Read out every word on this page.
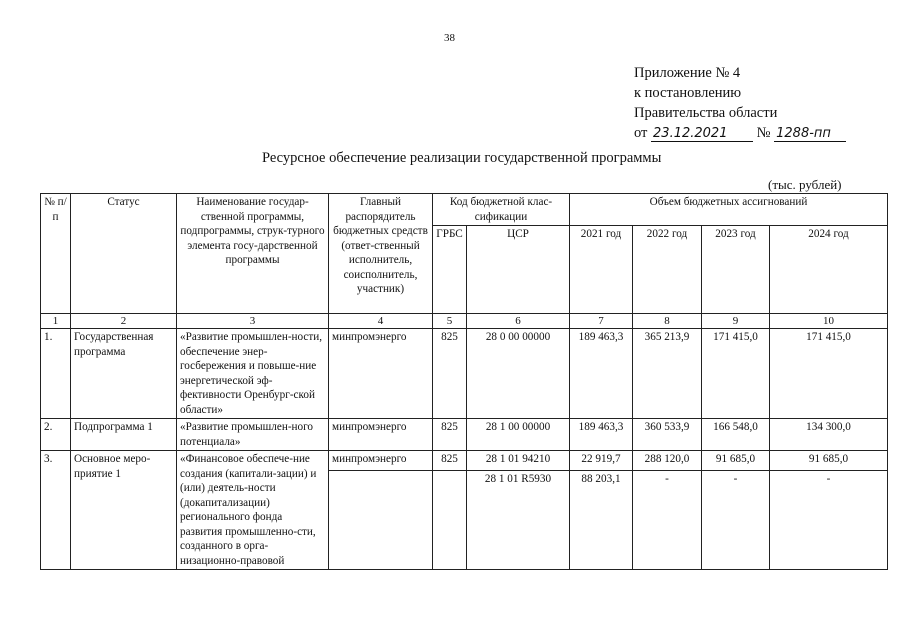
38
Приложение № 4
к постановлению
Правительства области
от 23.12.2021 № 1288-пп
Ресурсное обеспечение реализации государственной программы
(тыс. рублей)
№ п/п	Статус	Наименование государ-ственной программы, подпрограммы, струк-турного элемента госу-дарственной программы	Главный распорядитель бюджетных средств (ответ-ственный исполнитель, соисполнитель, участник)	Код бюджетной клас-сификации		Объем бюджетных ассигнований			
				ГРБС	ЦСР	2021 год	2022 год	2023 год	2024 год
1	2	3	4	5	6	7	8	9	10
1.	Государственная программа	«Развитие промышлен-ности, обеспечение энер-госбережения и повыше-ние энергетической эф-фективности Оренбург-ской области»	минпромэнерго	825	28 0 00 00000	189 463,3	365 213,9	171 415,0	171 415,0
2.	Подпрограмма 1	«Развитие промышлен-ного потенциала»	минпромэнерго	825	28 1 00 00000	189 463,3	360 533,9	166 548,0	134 300,0
3.	Основное меро-приятие 1	«Финансовое обеспече-ние создания (капитали-зации) и (или) деятель-ности (докапитализации) регионального фонда развития промышленно-сти, созданного в орга-низационно-правовой	минпромэнерго	825	28 1 01 94210	22 919,7	288 120,0	91 685,0	91 685,0
					28 1 01 R5930	88 203,1	-	-	-
